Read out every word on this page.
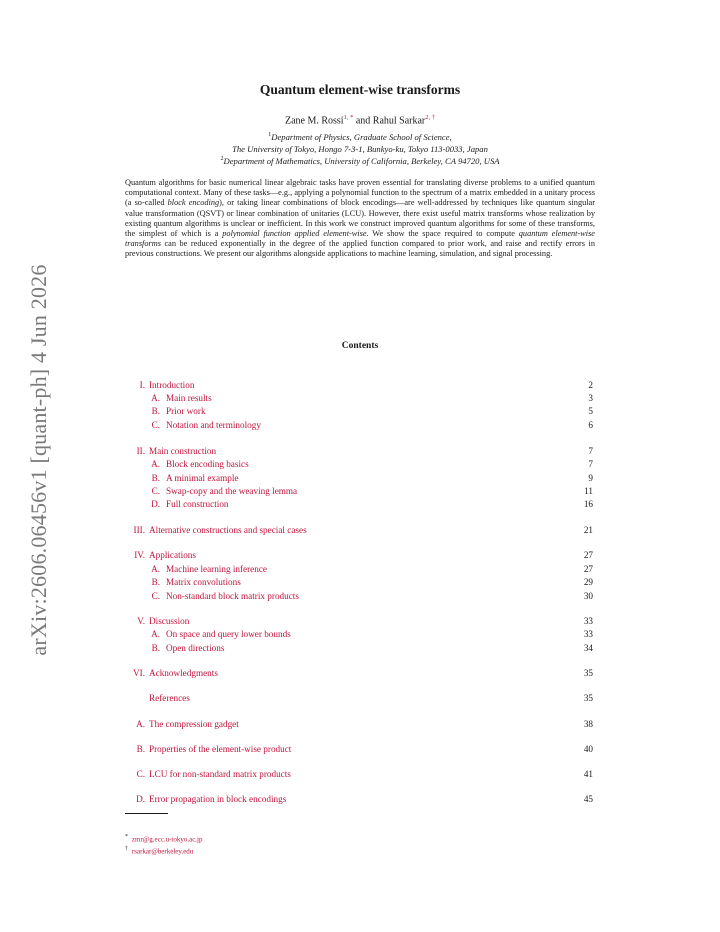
arXiv:2606.06456v1 [quant-ph] 4 Jun 2026
Quantum element-wise transforms
Zane M. Rossi$^{1, *}$ and Rahul Sarkar$^{2, \dagger}$
$^1$Department of Physics, Graduate School of Science,
The University of Tokyo, Hongo 7-3-1, Bunkyo-ku, Tokyo 113-0033, Japan
$^2$Department of Mathematics, University of California, Berkeley, CA 94720, USA
Quantum algorithms for basic numerical linear algebraic tasks have proven essential for translating diverse problems to a unified quantum computational context. Many of these tasks—e.g., applying a polynomial function to the spectrum of a matrix embedded in a unitary process (a so-called block encoding), or taking linear combinations of block encodings—are well-addressed by techniques like quantum singular value transformation (QSVT) or linear combination of unitaries (LCU). However, there exist useful matrix transforms whose realization by existing quantum algorithms is unclear or inefficient. In this work we construct improved quantum algorithms for some of these transforms, the simplest of which is a polynomial function applied element-wise. We show the space required to compute quantum element-wise transforms can be reduced exponentially in the degree of the applied function compared to prior work, and raise and rectify errors in previous constructions. We present our algorithms alongside applications to machine learning, simulation, and signal processing.
Contents
I. Introduction	2
A. Main results	3
B. Prior work	5
C. Notation and terminology	6
II. Main construction	7
A. Block encoding basics	7
B. A minimal example	9
C. Swap-copy and the weaving lemma	11
D. Full construction	16
III. Alternative constructions and special cases	21
IV. Applications	27
A. Machine learning inference	27
B. Matrix convolutions	29
C. Non-standard block matrix products	30
V. Discussion	33
A. On space and query lower bounds	33
B. Open directions	34
VI. Acknowledgments	35
References	35
A. The compression gadget	38
B. Properties of the element-wise product	40
C. LCU for non-standard matrix products	41
D. Error propagation in block encodings	45
* zmr@g.ecc.u-tokyo.ac.jp
† rsarkar@berkeley.edu
